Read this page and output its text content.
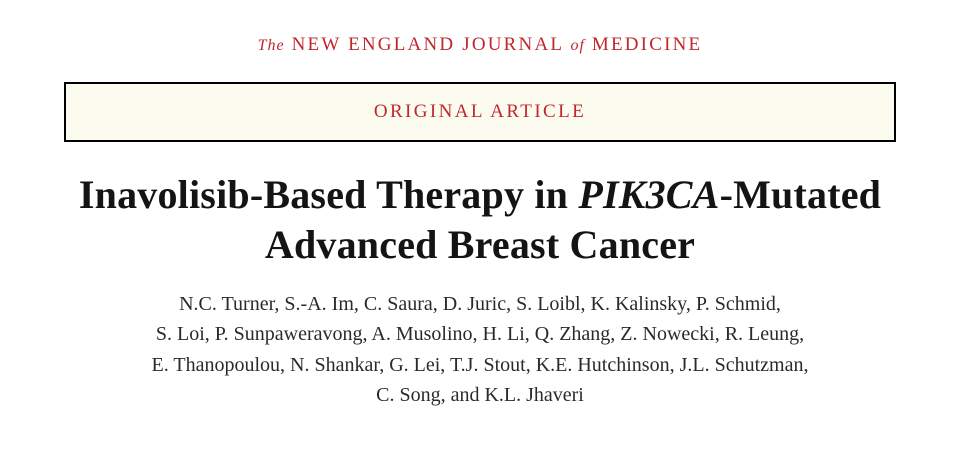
The NEW ENGLAND JOURNAL of MEDICINE
ORIGINAL ARTICLE
Inavolisib-Based Therapy in PIK3CA-Mutated
Advanced Breast Cancer
N.C. Turner, S.-A. Im, C. Saura, D. Juric, S. Loibl, K. Kalinsky, P. Schmid,
S. Loi, P. Sunpaweravong, A. Musolino, H. Li, Q. Zhang, Z. Nowecki, R. Leung,
E. Thanopoulou, N. Shankar, G. Lei, T.J. Stout, K.E. Hutchinson, J.L. Schutzman,
C. Song, and K.L. Jhaveri
